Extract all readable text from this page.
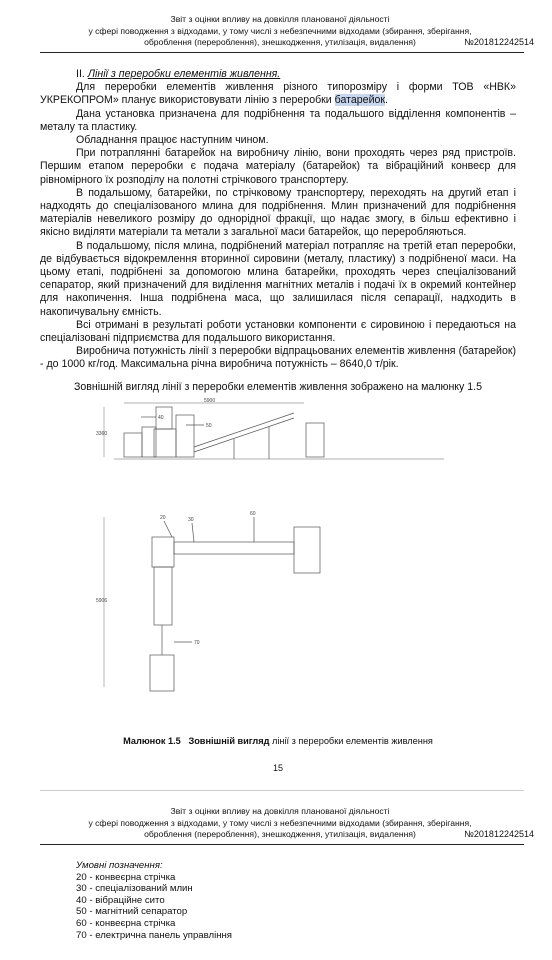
Звіт з оцінки впливу на довкілля планованої діяльності
у сфері поводження з відходами, у тому числі з небезпечними відходами (збирання, зберігання,
оброблення (перероблення), знешкодження, утилізація, видалення)	№201812242514

II. Лінії з переробки елементів живлення.

Для переробки елементів живлення різного типорозміру і форми ТОВ «НВК» УКРЕКОПРОМ» планує використовувати лінію з переробки батарейок.

Дана установка призначена для подрібнення та подальшого відділення компонентів – металу та пластику.

Обладнання працює наступним чином.

При потраплянні батарейок на виробничу лінію, вони проходять через ряд пристроїв. Першим етапом переробки є подача матеріалу (батарейок) та вібраційний конвеєр для рівномірного їх розподілу на полотні стрічкового транспортеру.

В подальшому, батарейки, по стрічковому транспортеру, переходять на другий етап і надходять до спеціалізованого млина для подрібнення. Млин призначений для подрібнення матеріалів невеликого розміру до однорідної фракції, що надає змогу, в більш ефективно і якісно виділяти матеріали та метали з загальної маси батарейок, що переробляються.

В подальшому, після млина, подрібнений матеріал потрапляє на третій етап переробки, де відбувається відокремлення вторинної сировини (металу, пластику) з подрібненої маси. На цьому етапі, подрібнені за допомогою млина батарейки, проходять через спеціалізований сепаратор, який призначений для виділення магнітних металів і подачі їх в окремий контейнер для накопичення. Інша подрібнена маса, що залишилася після сепарації, надходить в накопичувальну ємність.

Всі отримані в результаті роботи установки компоненти є сировиною і передаються на спеціалізовані підприємства для подальшого використання.

Виробнича потужність лінії з переробки відпрацьованих елементів живлення (батарейок) - до 1000 кг/год. Максимальна річна виробнича потужність – 8640,0 т/рік.

Зовнішній вигляд лінії з переробки елементів живлення зображено на малюнку 1.5
5900
3360
5906
40
50
20	30
60
70
Малюнок 1.5 Зовнішній вигляд лінії з переробки елементів живлення
15
Звіт з оцінки впливу на довкілля планованої діяльності
у сфері поводження з відходами, у тому числі з небезпечними відходами (збирання, зберігання,
оброблення (перероблення), знешкодження, утилізація, видалення)	№201812242514
Умовні позначення:
20 - конвеєрна стрічка
30 - спеціалізований млин
40 - вібраційне сито
50 - магнітний сепаратор
60 - конвеєрна стрічка
70 - електрична панель управління
